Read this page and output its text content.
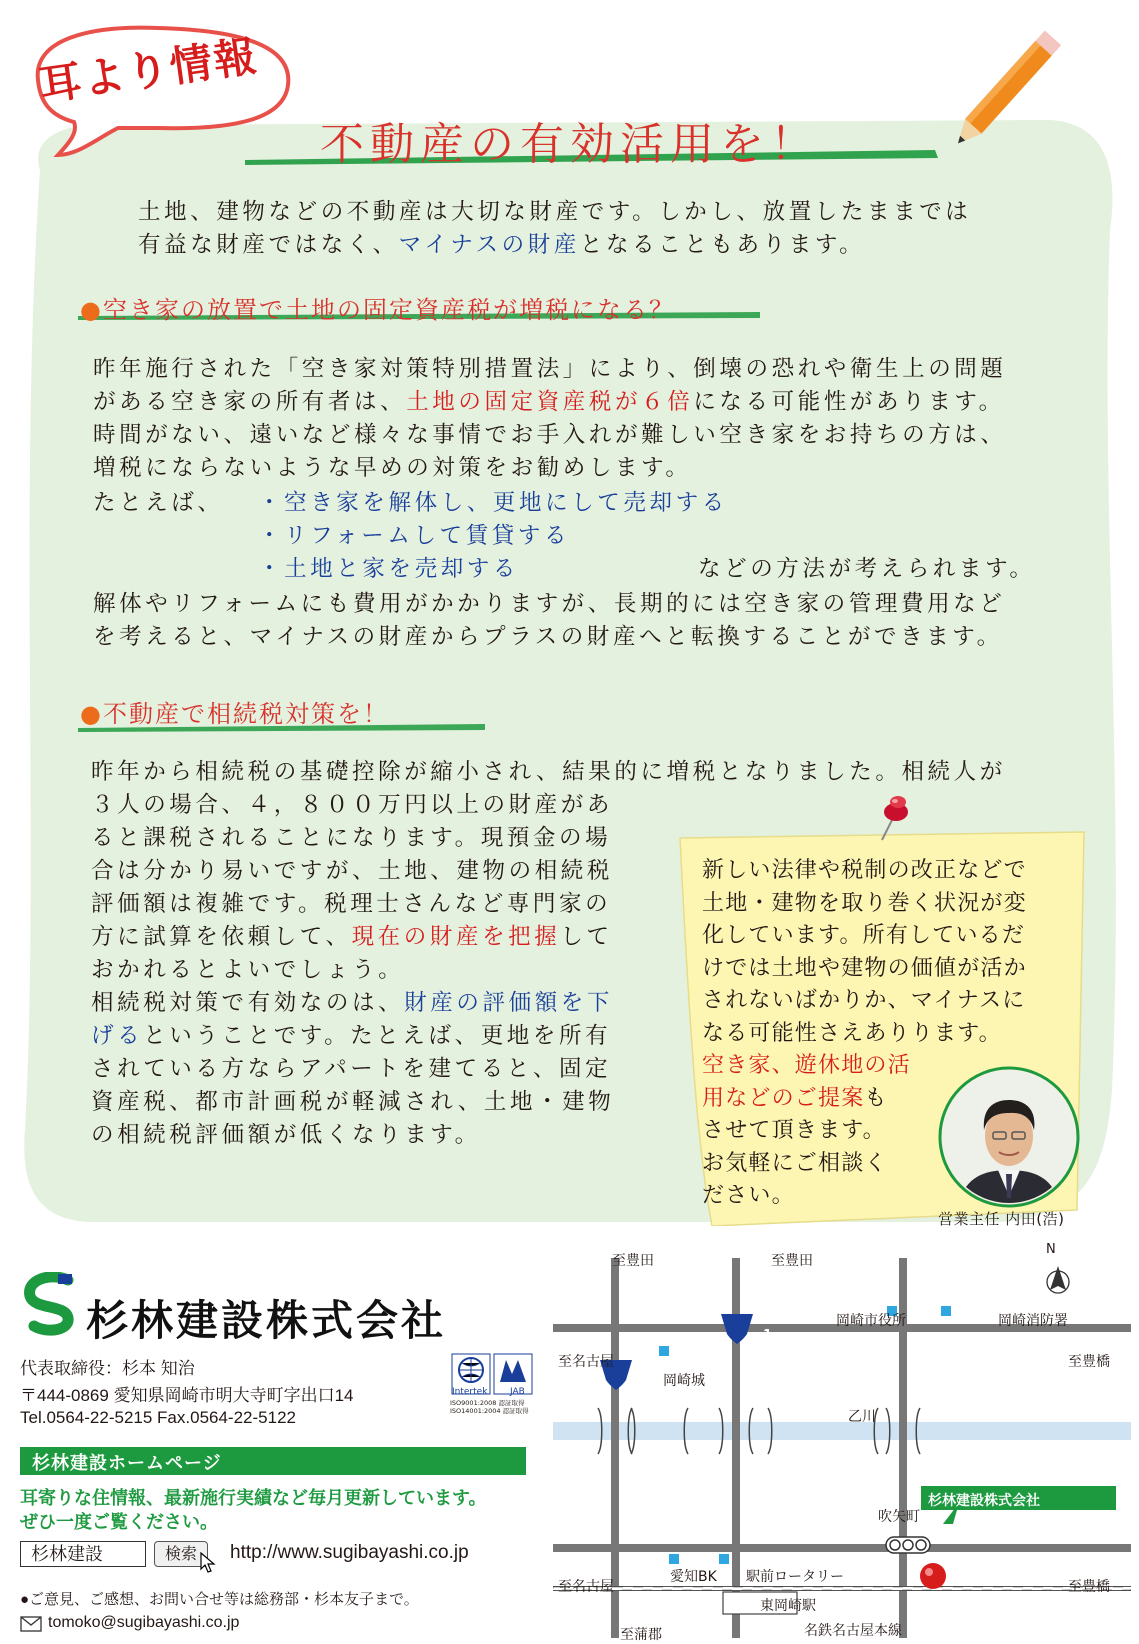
耳より情報
不動産の有効活用を！
土地、建物などの不動産は大切な財産です。しかし、放置したままでは
有益な財産ではなく、マイナスの財産となることもあります。
●空き家の放置で土地の固定資産税が増税になる？
昨年施行された「空き家対策特別措置法」により、倒壊の恐れや衛生上の問題
がある空き家の所有者は、土地の固定資産税が６倍になる可能性があります。
時間がない、遠いなど様々な事情でお手入れが難しい空き家をお持ちの方は、
増税にならないような早めの対策をお勧めします。
たとえば、 ・空き家を解体し、更地にして売却する
・リフォームして賃貸する
・土地と家を売却する	などの方法が考えられます。
解体やリフォームにも費用がかかりますが、長期的には空き家の管理費用など
を考えると、マイナスの財産からプラスの財産へと転換することができます。
●不動産で相続税対策を！
昨年から相続税の基礎控除が縮小され、結果的に増税となりました。相続人が
３人の場合、４，８００万円以上の財産があ
ると課税されることになります。現預金の場
合は分かり易いですが、土地、建物の相続税
評価額は複雑です。税理士さんなど専門家の
方に試算を依頼して、現在の財産を把握して
おかれるとよいでしょう。
相続税対策で有効なのは、財産の評価額を下
げるということです。たとえば、更地を所有
されている方ならアパートを建てると、固定
資産税、都市計画税が軽減され、土地・建物
の相続税評価額が低くなります。
新しい法律や税制の改正などで
土地・建物を取り巻く状況が変
化しています。所有しているだ
けでは土地や建物の価値が活か
されないばかりか、マイナスに
なる可能性さえありります。
空き家、遊休地の活
用などのご提案も
させて頂きます。
お気軽にご相談く
ださい。
営業主任 内田(浩)
杉林建設株式会社
代表取締役：杉本 知治
〒444-0869 愛知県岡崎市明大寺町字出口14
Tel.0564-22-5215 Fax.0564-22-5122
Intertek	JAB
ISO9001:2008 認証取得
ISO14001:2004 認証取得
杉林建設ホームページ
耳寄りな住情報、最新施行実績など毎月更新しています。
ぜひ一度ご覧ください。
杉林建設	検索	http://www.sugibayashi.co.jp
●ご意見、ご感想、お問い合せ等は総務部・杉本友子まで。
tomoko@sugibayashi.co.jp
N
至豊田	至豊田
岡崎市役所	岡崎消防署
至名古屋	至豊橋
岡崎城
1
248
乙川
吹矢町
杉林建設株式会社
愛知BK 駅前ロータリー
至名古屋
東岡崎駅
至豊橋
至蒲郡	名鉄名古屋本線
